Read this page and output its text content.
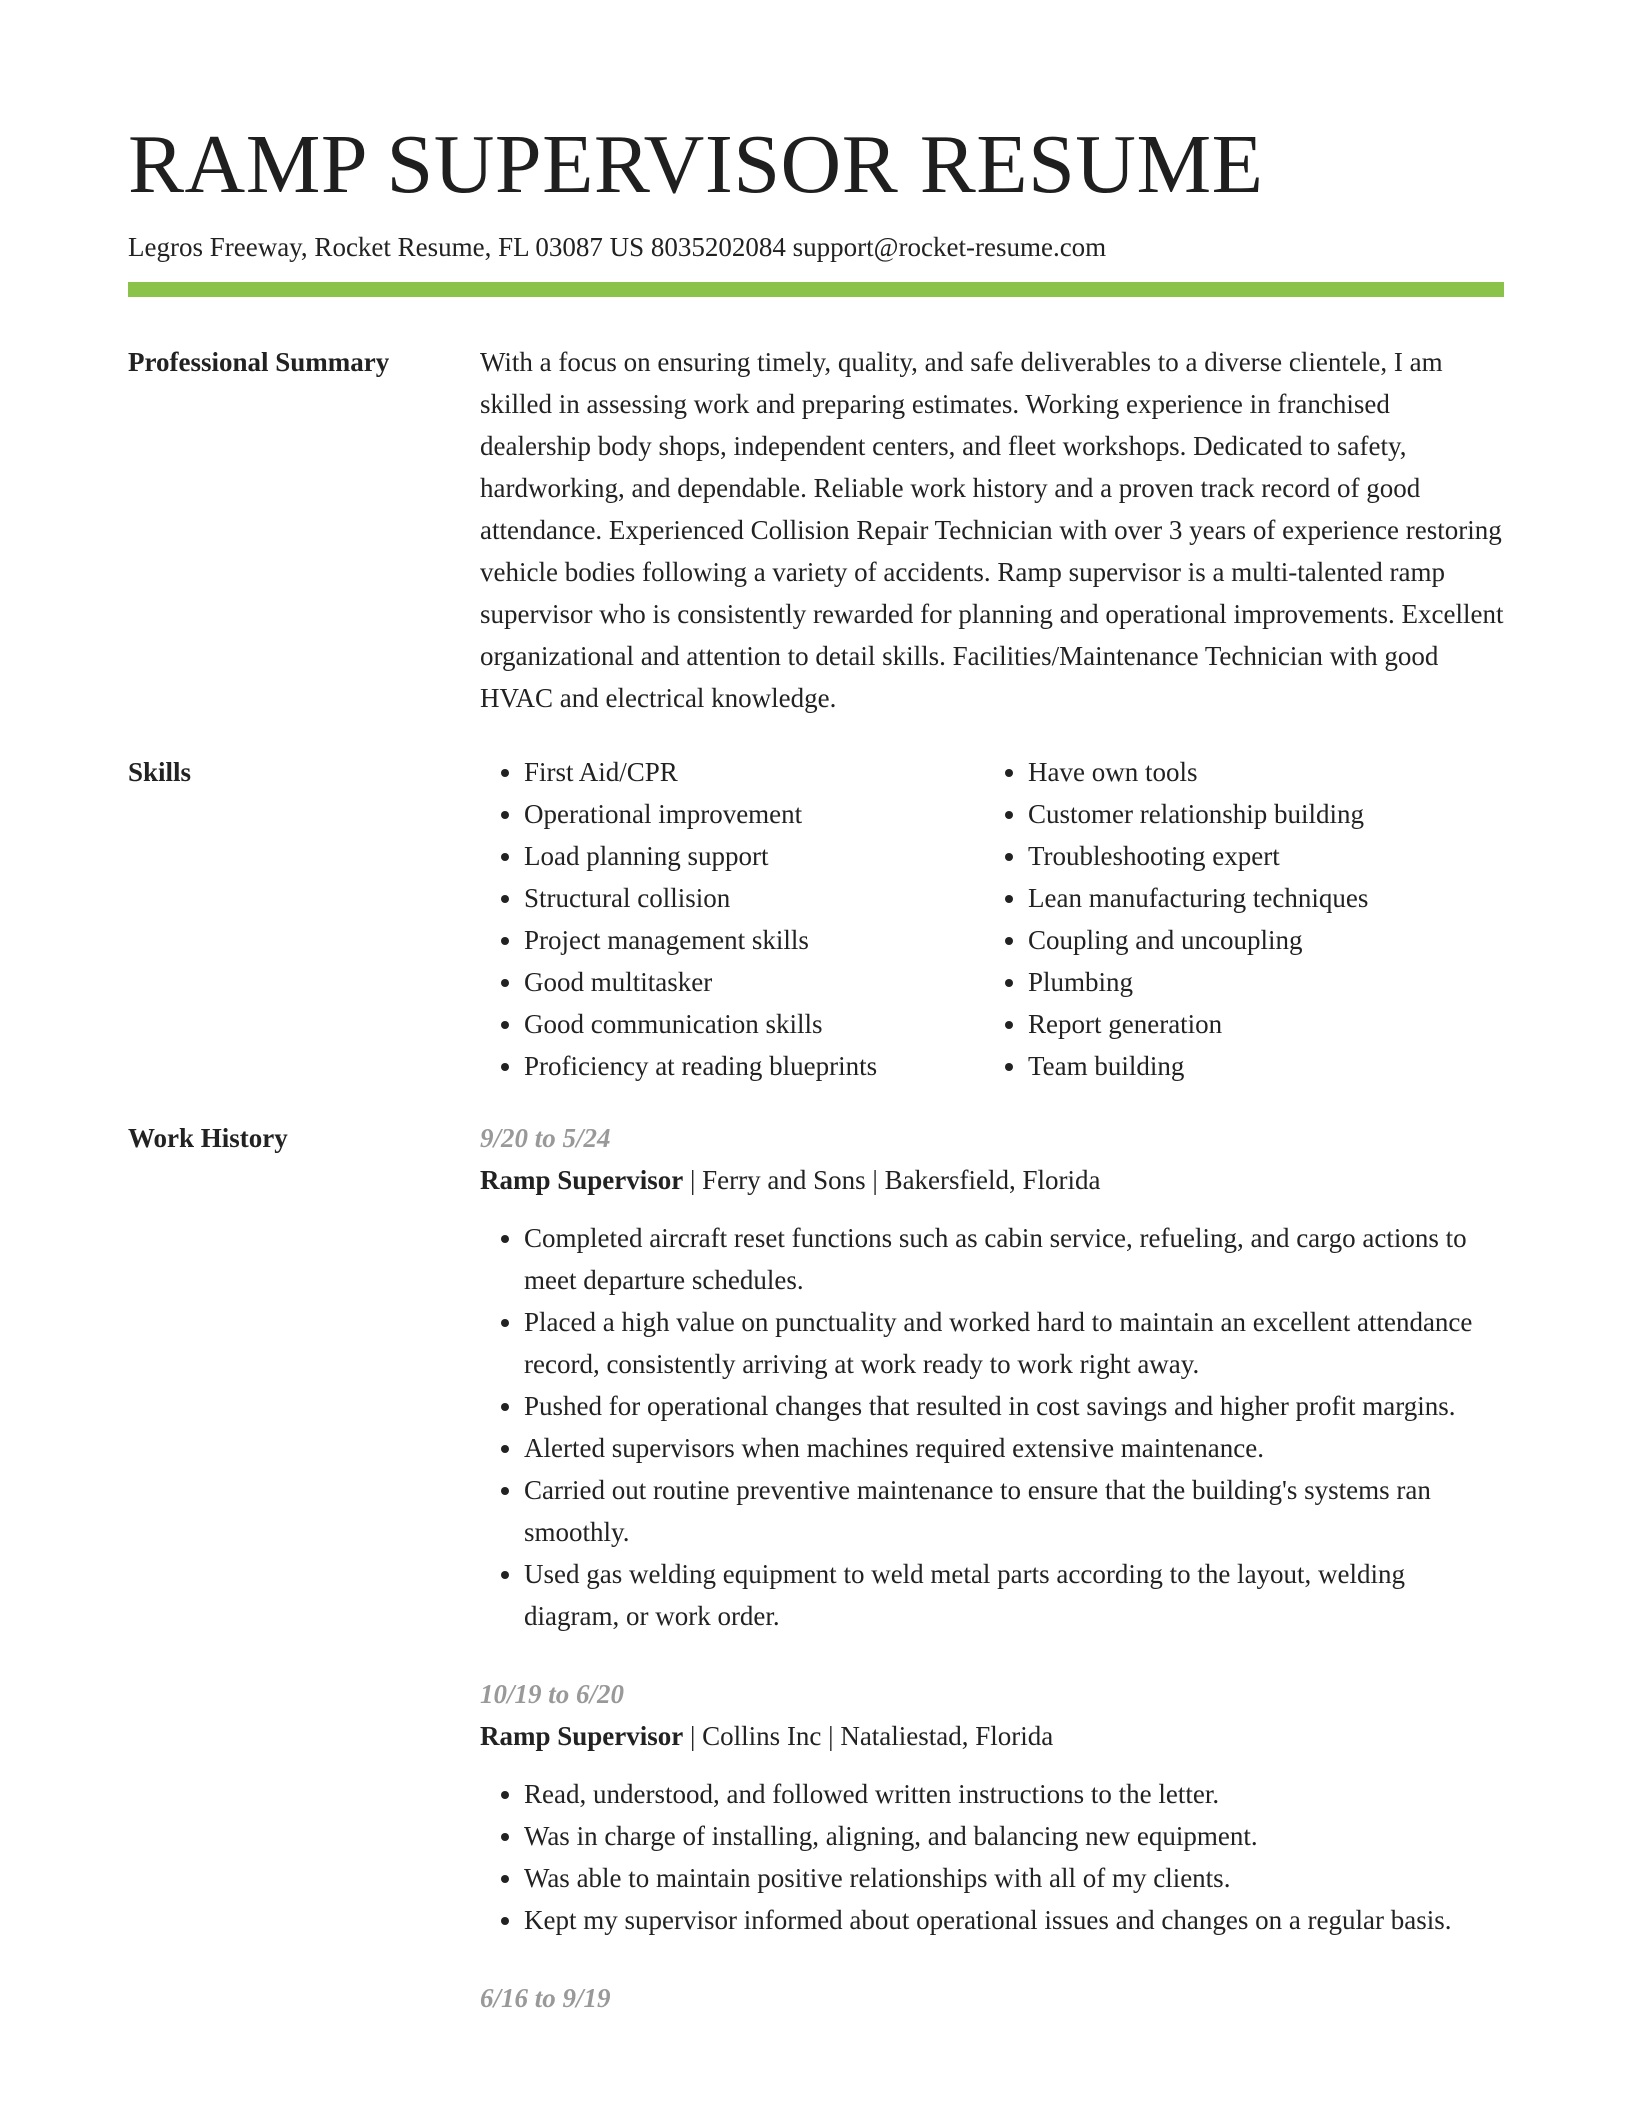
RAMP SUPERVISOR RESUME
Legros Freeway, Rocket Resume, FL 03087 US 8035202084 support@rocket-resume.com
Professional Summary	With a focus on ensuring timely, quality, and safe deliverables to a diverse clientele, I am skilled in assessing work and preparing estimates. Working experience in franchised dealership body shops, independent centers, and fleet workshops. Dedicated to safety, hardworking, and dependable. Reliable work history and a proven track record of good attendance. Experienced Collision Repair Technician with over 3 years of experience restoring vehicle bodies following a variety of accidents. Ramp supervisor is a multi-talented ramp supervisor who is consistently rewarded for planning and operational improvements. Excellent organizational and attention to detail skills. Facilities/Maintenance Technician with good HVAC and electrical knowledge.

Skills
•	First Aid/CPR
• Operational improvement
• Load planning support
• Structural collision
• Project management skills
• Good multitasker
• Good communication skills
• Proficiency at reading blueprints
• Have own tools
• Customer relationship building
• Troubleshooting expert
• Lean manufacturing techniques
• Coupling and uncoupling
• Plumbing
• Report generation
• Team building
Work History	9/20 to 5/24
Ramp Supervisor | Ferry and Sons | Bakersfield, Florida
• Completed aircraft reset functions such as cabin service, refueling, and cargo actions to meet departure schedules.
• Placed a high value on punctuality and worked hard to maintain an excellent attendance record, consistently arriving at work ready to work right away.
• Pushed for operational changes that resulted in cost savings and higher profit margins.
• Alerted supervisors when machines required extensive maintenance.
• Carried out routine preventive maintenance to ensure that the building's systems ran smoothly.
• Used gas welding equipment to weld metal parts according to the layout, welding diagram, or work order.
10/19 to 6/20
Ramp Supervisor | Collins Inc | Nataliestad, Florida
• Read, understood, and followed written instructions to the letter.
• Was in charge of installing, aligning, and balancing new equipment.
• Was able to maintain positive relationships with all of my clients.
• Kept my supervisor informed about operational issues and changes on a regular basis.
6/16 to 9/19
